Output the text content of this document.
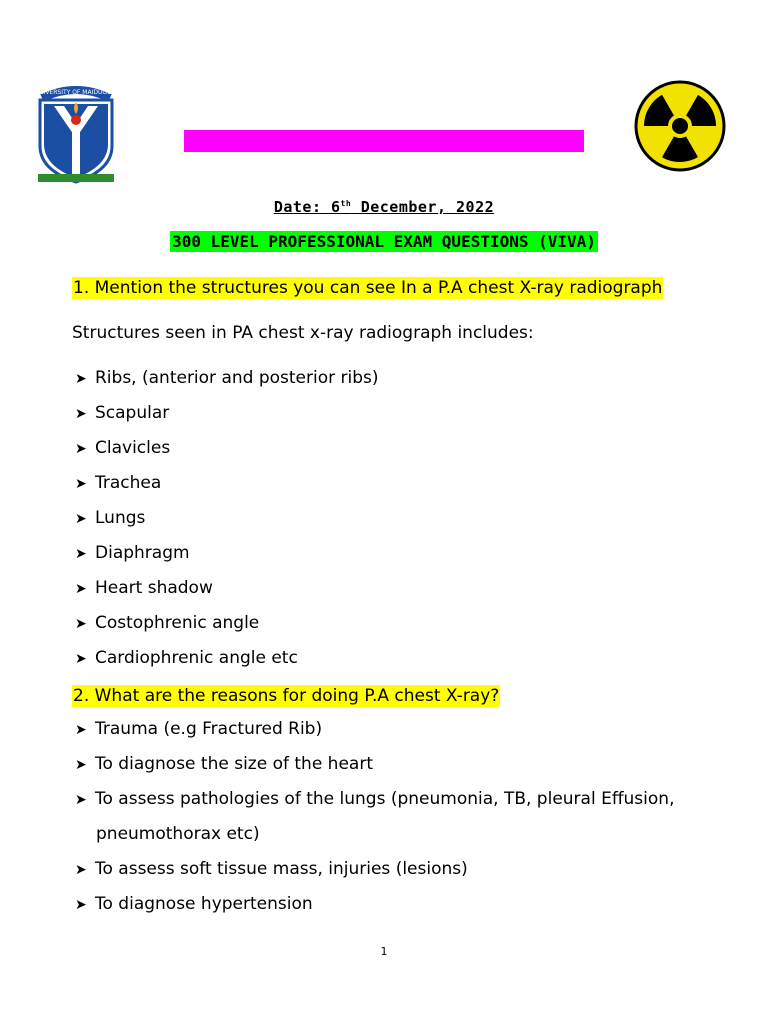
UNIVERSITY OF MAIDUGURI
Date: 6th December, 2022
300 LEVEL PROFESSIONAL EXAM QUESTIONS (VIVA)
1. Mention the structures you can see In a P.A chest X-ray radiograph
Structures seen in PA chest x-ray radiograph includes:
➤ Ribs, (anterior and posterior ribs)
➤ Scapular
➤ Clavicles
➤ Trachea
➤ Lungs
➤ Diaphragm
➤ Heart shadow
➤ Costophrenic angle
➤ Cardiophrenic angle etc
2. What are the reasons for doing P.A chest X-ray?
➤ Trauma (e.g Fractured Rib)
➤ To diagnose the size of the heart
➤ To assess pathologies of the lungs (pneumonia, TB, pleural Effusion,
pneumothorax etc)
➤ To assess soft tissue mass, injuries (lesions)
➤ To diagnose hypertension
1
